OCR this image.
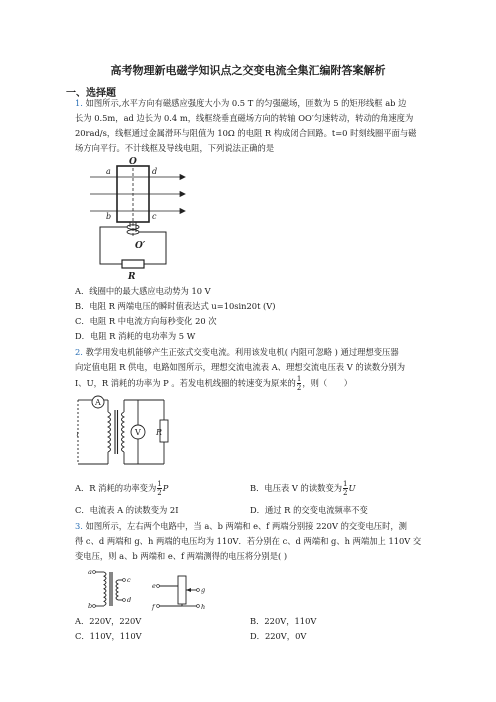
高考物理新电磁学知识点之交变电流全集汇编附答案解析
一、选择题
1. 如图所示,水平方向有磁感应强度大小为 0.5 T 的匀强磁场，匝数为 5 的矩形线框 ab 边
长为 0.5m，ad 边长为 0.4 m，线框绕垂直磁场方向的转轴 OO′匀速转动，转动的角速度为
20rad/s，线框通过金属滑环与阻值为 10Ω 的电阻 R 构成闭合回路。t=0 时刻线圈平面与磁
场方向平行。不计线框及导线电阻，下列说法正确的是
O
a	d
b	c
O′
R
A．线圈中的最大感应电动势为 10 V
B．电阻 R 两端电压的瞬时值表达式 u=10sin20t (V)
C．电阻 R 中电流方向每秒变化 20 次
D．电阻 R 消耗的电功率为 5 W
2. 教学用发电机能够产生正弦式交变电流。利用该发电机( 内阻可忽略 ) 通过理想变压器
向定值电阻 R 供电，电路如图所示，理想交流电流表 A、理想交流电压表 V 的读数分别为
I、U，R 消耗的功率为 P 。若发电机线圈的转速变为原来的 $\frac{1}{2}$ ，则（　　）
A
V R
~
A．R 消耗的功率变为 $\frac{1}{2}$ P	B．电压表 V 的读数变为 $\frac{1}{2}$ U
C．电流表 A 的读数变为 2I	D．通过 R 的交变电流频率不变
3. 如图所示，左右两个电路中，当 a、b 两端和 e、f 两端分别接 220V 的交变电压时，测
得 c、d 两端和 g、h 两端的电压均为 110V．若分别在 c、d 两端和 g、h 两端加上 110V 交
变电压，则 a、b 两端和 e、f 两端测得的电压将分别是( )
a
b
c
d
e
f
g
h
A．220V，220V	B．220V，110V
C．110V，110V	D．220V，0V
